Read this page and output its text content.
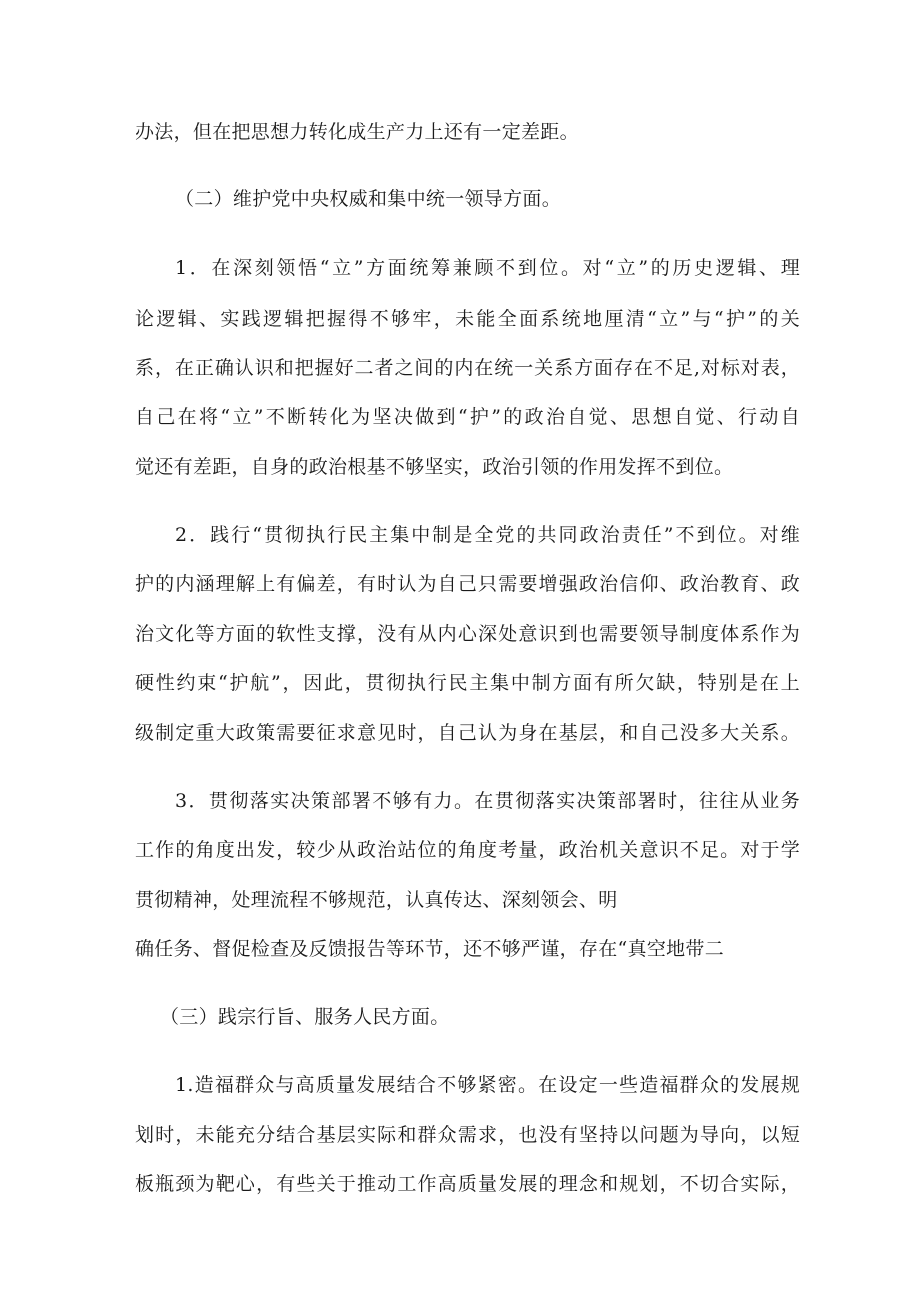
办法，但在把思想力转化成生产力上还有一定差距。
（二）维护党中央权威和集中统一领导方面。
1．在深刻领悟“立”方面统筹兼顾不到位。对“立”的历史逻辑、理
论逻辑、实践逻辑把握得不够牢，未能全面系统地厘清“立”与“护”的关
系，在正确认识和把握好二者之间的内在统一关系方面存在不足,对标对表，
自己在将“立”不断转化为坚决做到“护”的政治自觉、思想自觉、行动自
觉还有差距，自身的政治根基不够坚实，政治引领的作用发挥不到位。
2．践行“贯彻执行民主集中制是全党的共同政治责任”不到位。对维
护的内涵理解上有偏差，有时认为自己只需要增强政治信仰、政治教育、政
治文化等方面的软性支撑，没有从内心深处意识到也需要领导制度体系作为
硬性约束“护航”，因此，贯彻执行民主集中制方面有所欠缺，特别是在上
级制定重大政策需要征求意见时，自己认为身在基层，和自己没多大关系。
3．贯彻落实决策部署不够有力。在贯彻落实决策部署时，往往从业务
工作的角度出发，较少从政治站位的角度考量，政治机关意识不足。对于学
贯彻精神，处理流程不够规范，认真传达、深刻领会、明
确任务、督促检查及反馈报告等环节，还不够严谨，存在“真空地带二
（三）践宗行旨、服务人民方面。
1.造福群众与高质量发展结合不够紧密。在设定一些造福群众的发展规
划时，未能充分结合基层实际和群众需求，也没有坚持以问题为导向，以短
板瓶颈为靶心，有些关于推动工作高质量发展的理念和规划，不切合实际，
